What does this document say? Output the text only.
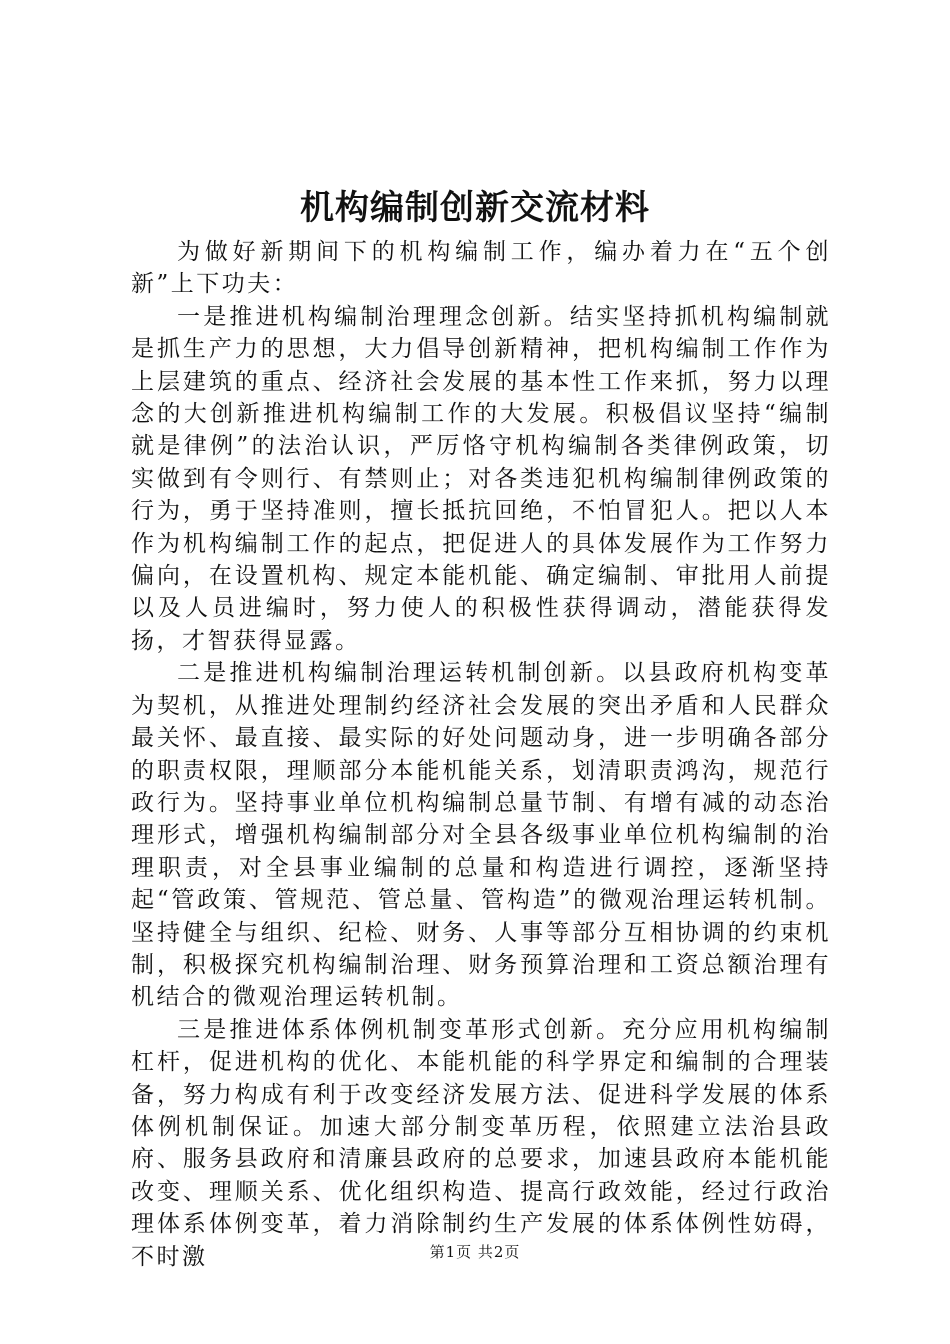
机构编制创新交流材料

为做好新期间下的机构编制工作，编办着力在“五个创新”上下功夫：

一是推进机构编制治理理念创新。结实坚持抓机构编制就是抓生产力的思想，大力倡导创新精神，把机构编制工作作为上层建筑的重点、经济社会发展的基本性工作来抓，努力以理念的大创新推进机构编制工作的大发展。积极倡议坚持“编制就是律例”的法治认识，严厉恪守机构编制各类律例政策，切实做到有令则行、有禁则止；对各类违犯机构编制律例政策的行为，勇于坚持准则，擅长抵抗回绝，不怕冒犯人。把以人本作为机构编制工作的起点，把促进人的具体发展作为工作努力偏向，在设置机构、规定本能机能、确定编制、审批用人前提以及人员进编时，努力使人的积极性获得调动，潜能获得发扬，才智获得显露。

二是推进机构编制治理运转机制创新。以县政府机构变革为契机，从推进处理制约经济社会发展的突出矛盾和人民群众最关怀、最直接、最实际的好处问题动身，进一步明确各部分的职责权限，理顺部分本能机能关系，划清职责鸿沟，规范行政行为。坚持事业单位机构编制总量节制、有增有减的动态治理形式，增强机构编制部分对全县各级事业单位机构编制的治理职责，对全县事业编制的总量和构造进行调控，逐渐坚持起“管政策、管规范、管总量、管构造”的微观治理运转机制。坚持健全与组织、纪检、财务、人事等部分互相协调的约束机制，积极探究机构编制治理、财务预算治理和工资总额治理有机结合的微观治理运转机制。

三是推进体系体例机制变革形式创新。充分应用机构编制杠杆，促进机构的优化、本能机能的科学界定和编制的合理装备，努力构成有利于改变经济发展方法、促进科学发展的体系体例机制保证。加速大部分制变革历程，依照建立法治县政府、服务县政府和清廉县政府的总要求，加速县政府本能机能改变、理顺关系、优化组织构造、提高行政效能，经过行政治理体系体例变革，着力消除制约生产发展的体系体例性妨碍，不时激	第1页 共2页
